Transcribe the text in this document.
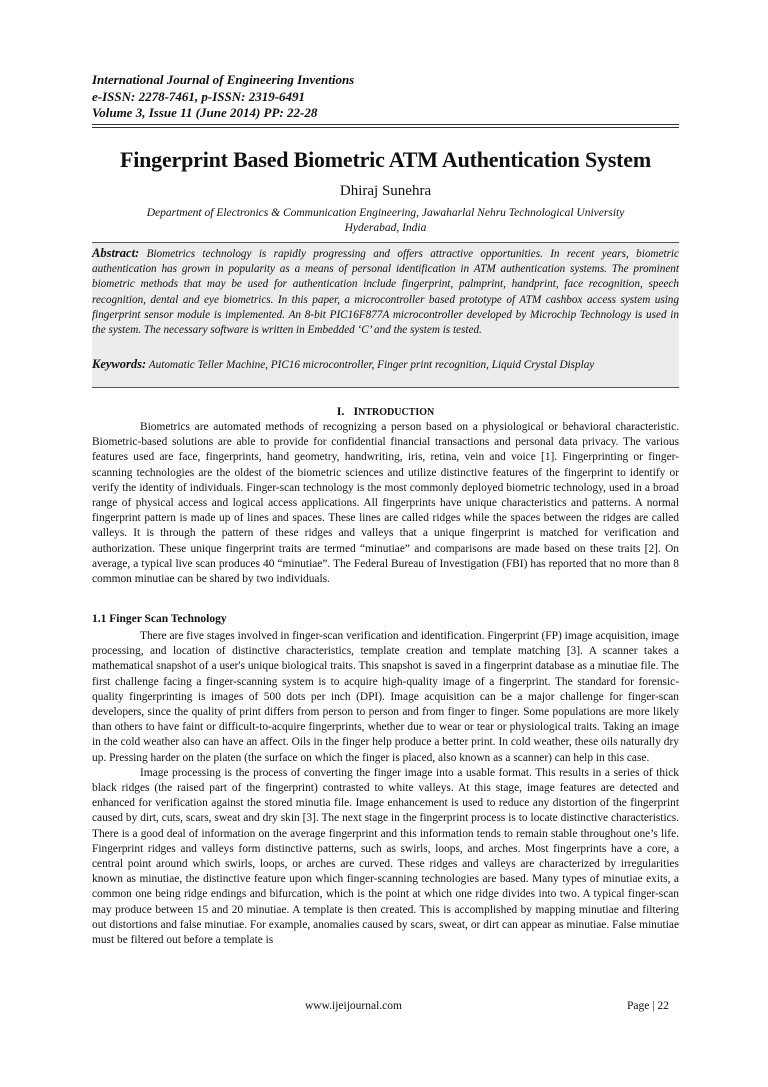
International Journal of Engineering Inventions
e-ISSN: 2278-7461, p-ISSN: 2319-6491
Volume 3, Issue 11 (June 2014) PP: 22-28
Fingerprint Based Biometric ATM Authentication System
Dhiraj Sunehra
Department of Electronics & Communication Engineering, Jawaharlal Nehru Technological University
Hyderabad, India
Abstract: Biometrics technology is rapidly progressing and offers attractive opportunities. In recent years, biometric authentication has grown in popularity as a means of personal identification in ATM authentication systems. The prominent biometric methods that may be used for authentication include fingerprint, palmprint, handprint, face recognition, speech recognition, dental and eye biometrics. In this paper, a microcontroller based prototype of ATM cashbox access system using fingerprint sensor module is implemented. An 8-bit PIC16F877A microcontroller developed by Microchip Technology is used in the system. The necessary software is written in Embedded ‘C’ and the system is tested.
Keywords: Automatic Teller Machine, PIC16 microcontroller, Finger print recognition, Liquid Crystal Display
I. INTRODUCTION

Biometrics are automated methods of recognizing a person based on a physiological or behavioral characteristic. Biometric-based solutions are able to provide for confidential financial transactions and personal data privacy. The various features used are face, fingerprints, hand geometry, handwriting, iris, retina, vein and voice [1]. Fingerprinting or finger-scanning technologies are the oldest of the biometric sciences and utilize distinctive features of the fingerprint to identify or verify the identity of individuals. Finger-scan technology is the most commonly deployed biometric technology, used in a broad range of physical access and logical access applications. All fingerprints have unique characteristics and patterns. A normal fingerprint pattern is made up of lines and spaces. These lines are called ridges while the spaces between the ridges are called valleys. It is through the pattern of these ridges and valleys that a unique fingerprint is matched for verification and authorization. These unique fingerprint traits are termed “minutiae” and comparisons are made based on these traits [2]. On average, a typical live scan produces 40 “minutiae”. The Federal Bureau of Investigation (FBI) has reported that no more than 8 common minutiae can be shared by two individuals.

1.1 Finger Scan Technology

There are five stages involved in finger-scan verification and identification. Fingerprint (FP) image acquisition, image processing, and location of distinctive characteristics, template creation and template matching [3]. A scanner takes a mathematical snapshot of a user's unique biological traits. This snapshot is saved in a fingerprint database as a minutiae file. The first challenge facing a finger-scanning system is to acquire high-quality image of a fingerprint. The standard for forensic-quality fingerprinting is images of 500 dots per inch (DPI). Image acquisition can be a major challenge for finger-scan developers, since the quality of print differs from person to person and from finger to finger. Some populations are more likely than others to have faint or difficult-to-acquire fingerprints, whether due to wear or tear or physiological traits. Taking an image in the cold weather also can have an affect. Oils in the finger help produce a better print. In cold weather, these oils naturally dry up. Pressing harder on the platen (the surface on which the finger is placed, also known as a scanner) can help in this case.

Image processing is the process of converting the finger image into a usable format. This results in a series of thick black ridges (the raised part of the fingerprint) contrasted to white valleys. At this stage, image features are detected and enhanced for verification against the stored minutia file. Image enhancement is used to reduce any distortion of the fingerprint caused by dirt, cuts, scars, sweat and dry skin [3]. The next stage in the fingerprint process is to locate distinctive characteristics. There is a good deal of information on the average fingerprint and this information tends to remain stable throughout one’s life. Fingerprint ridges and valleys form distinctive patterns, such as swirls, loops, and arches. Most fingerprints have a core, a central point around which swirls, loops, or arches are curved. These ridges and valleys are characterized by irregularities known as minutiae, the distinctive feature upon which finger-scanning technologies are based. Many types of minutiae exits, a common one being ridge endings and bifurcation, which is the point at which one ridge divides into two. A typical finger-scan may produce between 15 and 20 minutiae. A template is then created. This is accomplished by mapping minutiae and filtering out distortions and false minutiae. For example, anomalies caused by scars, sweat, or dirt can appear as minutiae. False minutiae must be filtered out before a template is

www.ijeijournal.com	Page | 22
